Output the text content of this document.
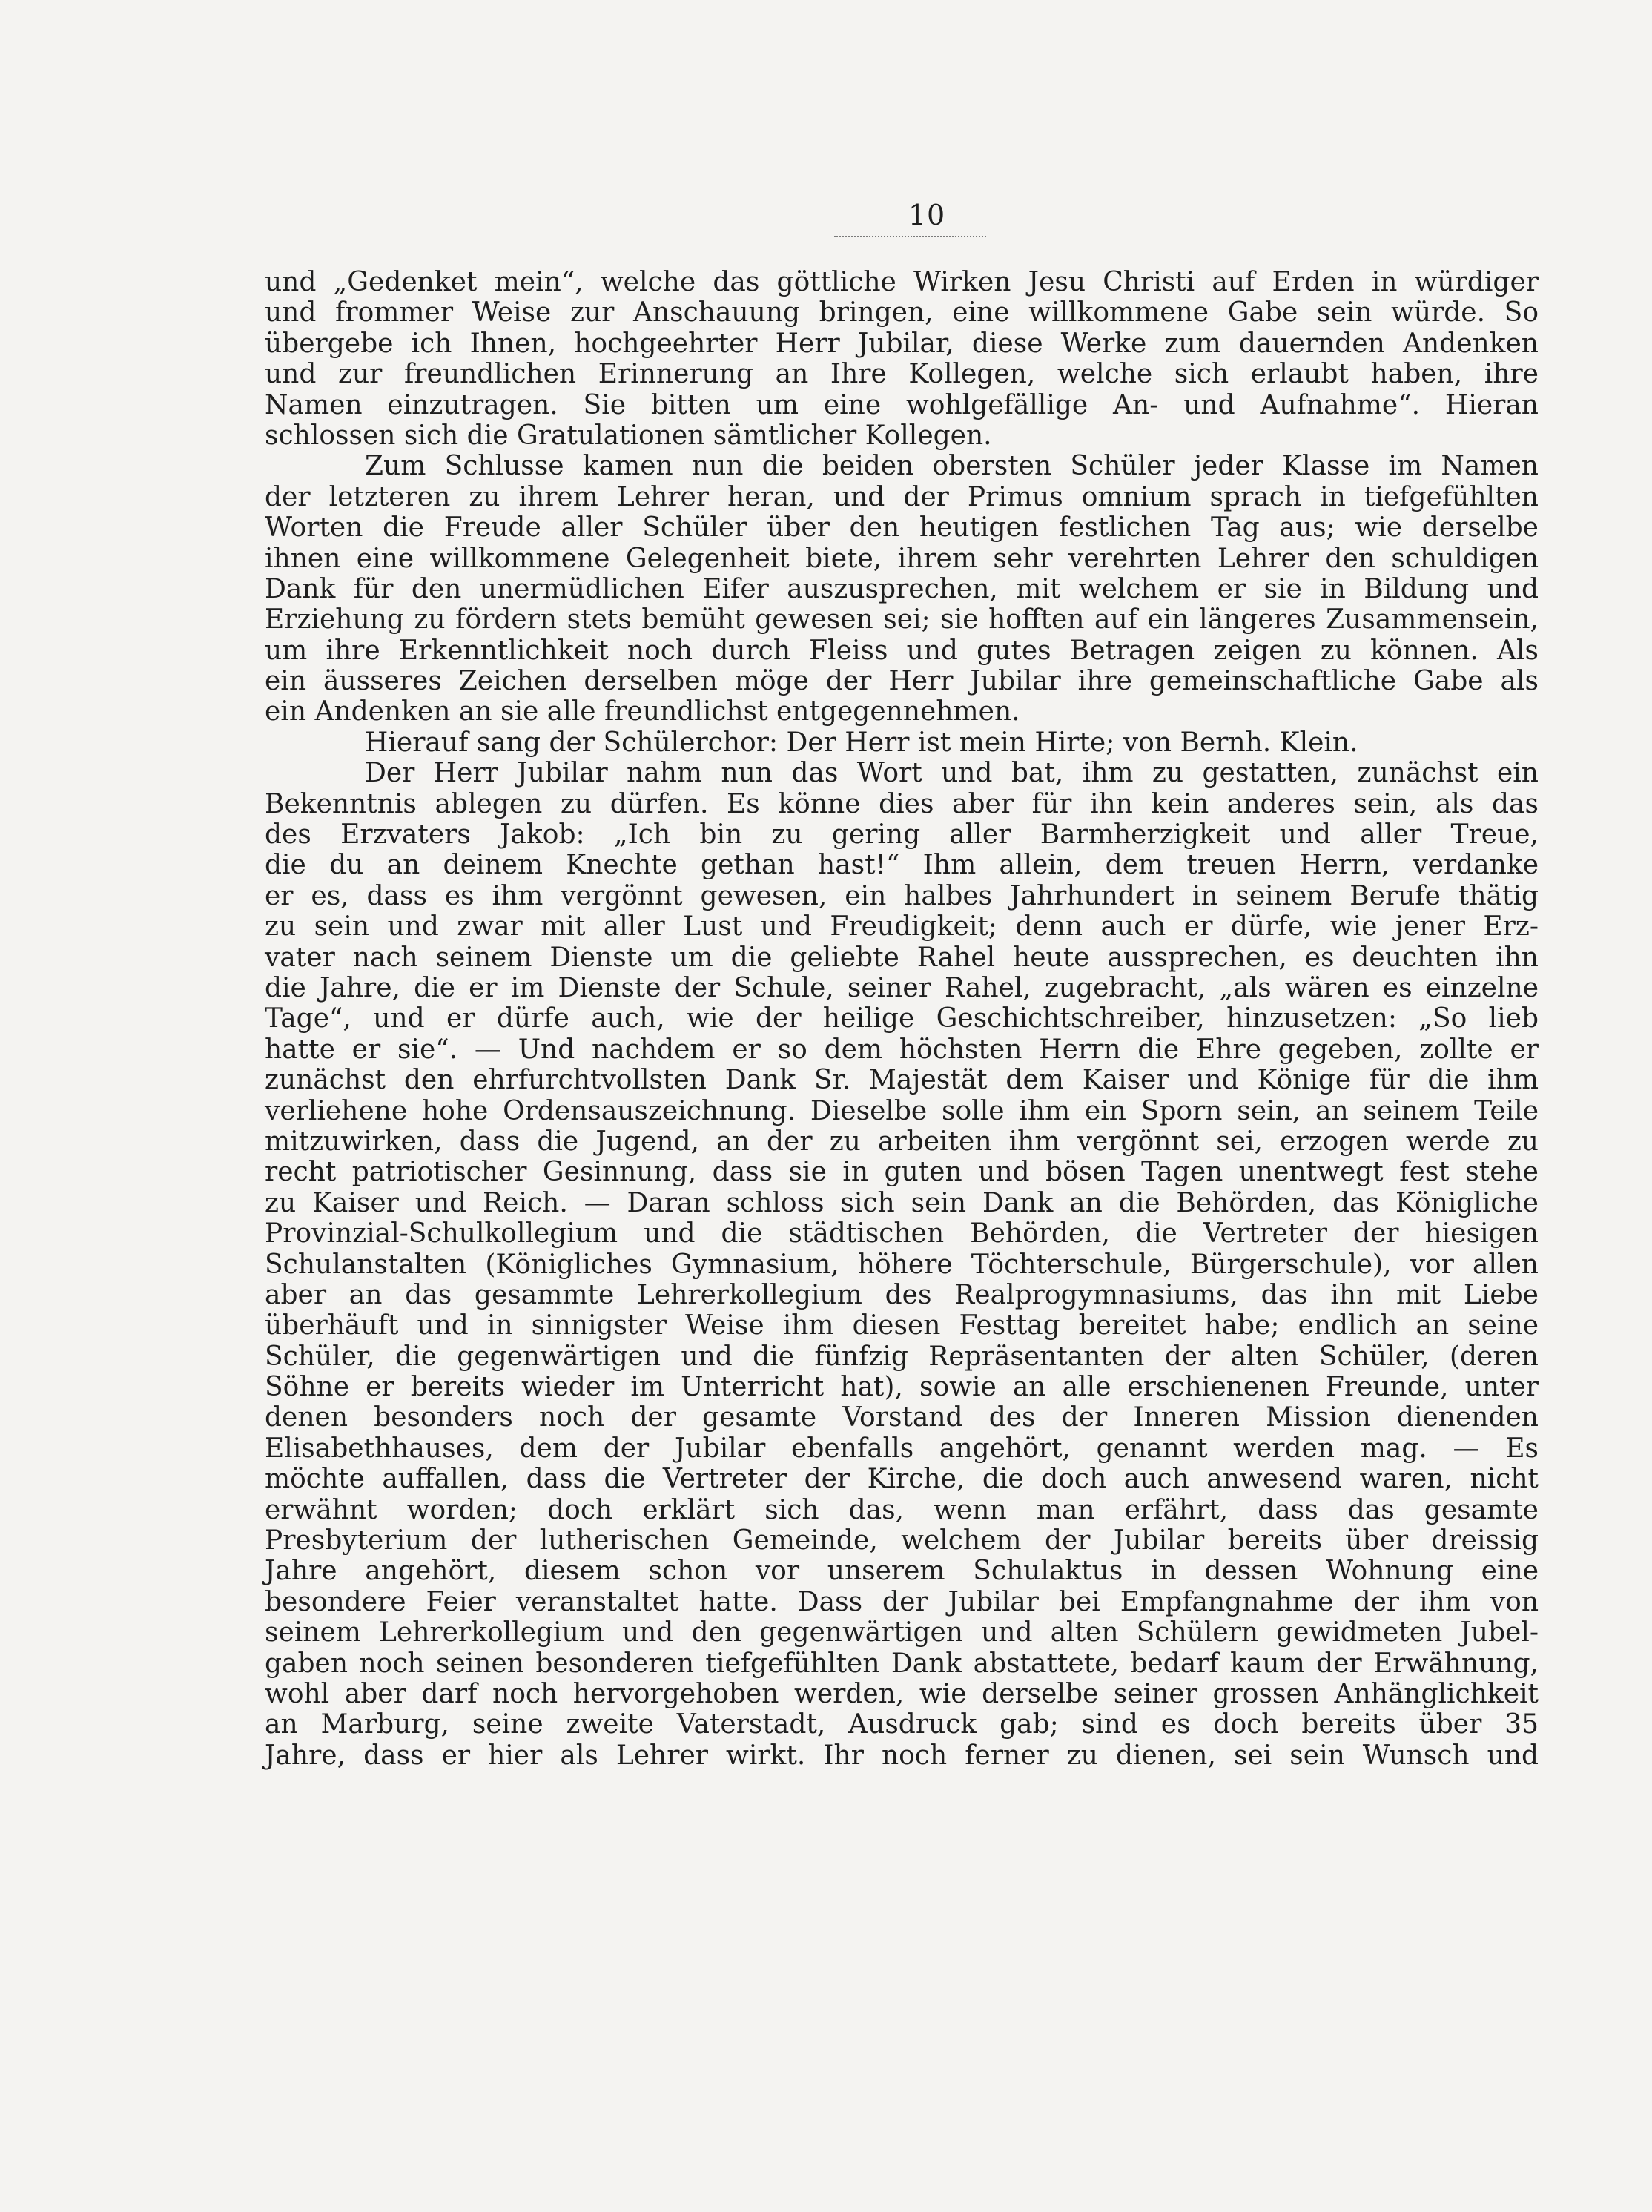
10
und „Gedenket mein“, welche das göttliche Wirken Jesu Christi auf Erden in würdiger
und frommer Weise zur Anschauung bringen, eine willkommene Gabe sein würde. So
übergebe ich Ihnen, hochgeehrter Herr Jubilar, diese Werke zum dauernden Andenken
und zur freundlichen Erinnerung an Ihre Kollegen, welche sich erlaubt haben, ihre
Namen einzutragen. Sie bitten um eine wohlgefällige An- und Aufnahme“. Hieran
schlossen sich die Gratulationen sämtlicher Kollegen.
Zum Schlusse kamen nun die beiden obersten Schüler jeder Klasse im Namen
der letzteren zu ihrem Lehrer heran, und der Primus omnium sprach in tiefgefühlten
Worten die Freude aller Schüler über den heutigen festlichen Tag aus; wie derselbe
ihnen eine willkommene Gelegenheit biete, ihrem sehr verehrten Lehrer den schuldigen
Dank für den unermüdlichen Eifer auszusprechen, mit welchem er sie in Bildung und
Erziehung zu fördern stets bemüht gewesen sei; sie hofften auf ein längeres Zusammensein,
um ihre Erkenntlichkeit noch durch Fleiss und gutes Betragen zeigen zu können. Als
ein äusseres Zeichen derselben möge der Herr Jubilar ihre gemeinschaftliche Gabe als
ein Andenken an sie alle freundlichst entgegennehmen.
Hierauf sang der Schülerchor: Der Herr ist mein Hirte; von Bernh. Klein.
Der Herr Jubilar nahm nun das Wort und bat, ihm zu gestatten, zunächst ein
Bekenntnis ablegen zu dürfen. Es könne dies aber für ihn kein anderes sein, als das
des Erzvaters Jakob: „Ich bin zu gering aller Barmherzigkeit und aller Treue,
die du an deinem Knechte gethan hast!“ Ihm allein, dem treuen Herrn, verdanke
er es, dass es ihm vergönnt gewesen, ein halbes Jahrhundert in seinem Berufe thätig
zu sein und zwar mit aller Lust und Freudigkeit; denn auch er dürfe, wie jener Erz-
vater nach seinem Dienste um die geliebte Rahel heute aussprechen, es deuchten ihn
die Jahre, die er im Dienste der Schule, seiner Rahel, zugebracht, „als wären es einzelne
Tage“, und er dürfe auch, wie der heilige Geschichtschreiber, hinzusetzen: „So lieb
hatte er sie“. — Und nachdem er so dem höchsten Herrn die Ehre gegeben, zollte er
zunächst den ehrfurchtvollsten Dank Sr. Majestät dem Kaiser und Könige für die ihm
verliehene hohe Ordensauszeichnung. Dieselbe solle ihm ein Sporn sein, an seinem Teile
mitzuwirken, dass die Jugend, an der zu arbeiten ihm vergönnt sei, erzogen werde zu
recht patriotischer Gesinnung, dass sie in guten und bösen Tagen unentwegt fest stehe
zu Kaiser und Reich. — Daran schloss sich sein Dank an die Behörden, das Königliche
Provinzial-Schulkollegium und die städtischen Behörden, die Vertreter der hiesigen
Schulanstalten (Königliches Gymnasium, höhere Töchterschule, Bürgerschule), vor allen
aber an das gesammte Lehrerkollegium des Realprogymnasiums, das ihn mit Liebe
überhäuft und in sinnigster Weise ihm diesen Festtag bereitet habe; endlich an seine
Schüler, die gegenwärtigen und die fünfzig Repräsentanten der alten Schüler, (deren
Söhne er bereits wieder im Unterricht hat), sowie an alle erschienenen Freunde, unter
denen besonders noch der gesamte Vorstand des der Inneren Mission dienenden
Elisabethhauses, dem der Jubilar ebenfalls angehört, genannt werden mag. — Es
möchte auffallen, dass die Vertreter der Kirche, die doch auch anwesend waren, nicht
erwähnt worden; doch erklärt sich das, wenn man erfährt, dass das gesamte
Presbyterium der lutherischen Gemeinde, welchem der Jubilar bereits über dreissig
Jahre angehört, diesem schon vor unserem Schulaktus in dessen Wohnung eine
besondere Feier veranstaltet hatte. Dass der Jubilar bei Empfangnahme der ihm von
seinem Lehrerkollegium und den gegenwärtigen und alten Schülern gewidmeten Jubel-
gaben noch seinen besonderen tiefgefühlten Dank abstattete, bedarf kaum der Erwähnung,
wohl aber darf noch hervorgehoben werden, wie derselbe seiner grossen Anhänglichkeit
an Marburg, seine zweite Vaterstadt, Ausdruck gab; sind es doch bereits über 35
Jahre, dass er hier als Lehrer wirkt. Ihr noch ferner zu dienen, sei sein Wunsch und
